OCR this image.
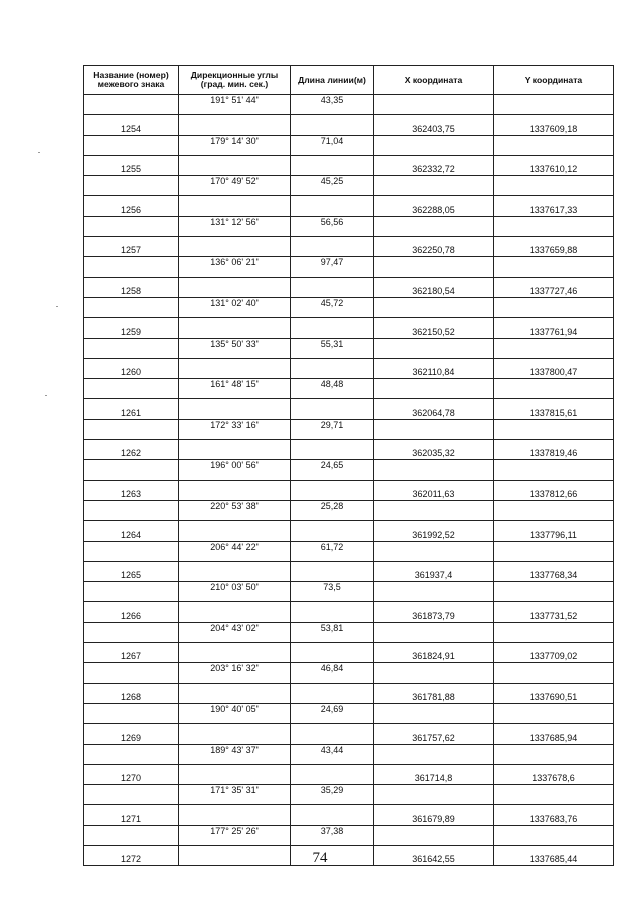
Название (номер) межевого знака	Дирекционные углы (град. мин. сек.)	Длина линии(м)	X координата	Y координата
	191° 51' 44"	43,35		
1254			362403,75	1337609,18
	179° 14' 30"	71,04		
1255			362332,72	1337610,12
	170° 49' 52"	45,25		
1256			362288,05	1337617,33
	131° 12' 56"	56,56		
1257			362250,78	1337659,88
	136° 06' 21"	97,47		
1258			362180,54	1337727,46
	131° 02' 40"	45,72		
1259			362150,52	1337761,94
	135° 50' 33"	55,31		
1260			362110,84	1337800,47
	161° 48' 15"	48,48		
1261			362064,78	1337815,61
	172° 33' 16"	29,71		
1262			362035,32	1337819,46
	196° 00' 56"	24,65		
1263			362011,63	1337812,66
	220° 53' 38"	25,28		
1264			361992,52	1337796,11
	206° 44' 22"	61,72		
1265			361937,4	1337768,34
	210° 03' 50"	73,5		
1266			361873,79	1337731,52
	204° 43' 02"	53,81		
1267			361824,91	1337709,02
	203° 16' 32"	46,84		
1268			361781,88	1337690,51
	190° 40' 05"	24,69		
1269			361757,62	1337685,94
	189° 43' 37"	43,44		
1270			361714,8	1337678,6
	171° 35' 31"	35,29		
1271			361679,89	1337683,76
	177° 25' 26"	37,38		
1272			361642,55	1337685,44
74
